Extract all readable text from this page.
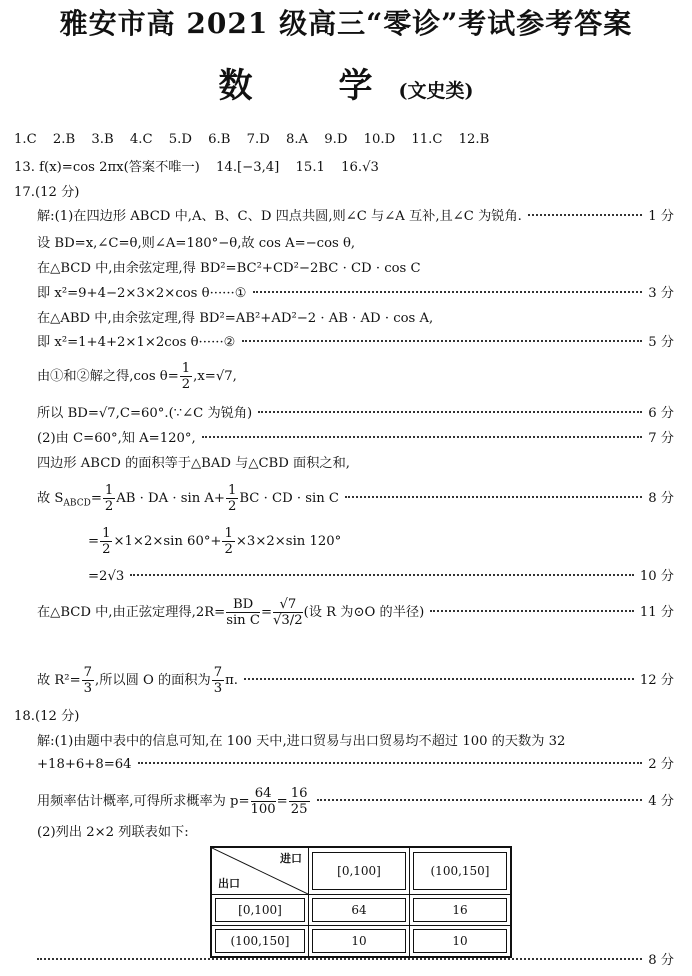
雅安市高 2021 级高三“零诊”考试参考答案
数　学(文史类)
1.C 2.B 3.B 4.C 5.D 6.B 7.D 8.A 9.D 10.D 11.C 12.B
13. f(x)=cos 2πx(答案不唯一) 14.[−3,4] 15.1 16.√3
17.(12 分)
解:(1)在四边形 ABCD 中,A、B、C、D 四点共圆,则∠C 与∠A 互补,且∠C 为锐角.	1 分
设 BD=x,∠C=θ,则∠A=180°−θ,故 cos A=−cos θ,
在△BCD 中,由余弦定理,得 BD²=BC²+CD²−2BC · CD · cos C
即 x²=9+4−2×3×2×cos θ······①	3 分
在△ABD 中,由余弦定理,得 BD²=AB²+AD²−2 · AB · AD · cos A,
即 x²=1+4+2×1×2cos θ······②	5 分
由①和②解之得,cos $\theta= \frac{1}{2} ,x=√7$,
所以 BD=√7,C=60°.(∵∠C 为锐角)	6 分
(2)由 C=60°,知 A=120°,	7 分
四边形 ABCD 的面积等于△BAD 与△CBD 面积之和,
故 $S_{ABCD}= \frac{1}{2}$ AB · DA · $\sin A+ \frac{1}{2}$ BC · CD · sin C	8 分
= $\frac{1}{2} \times 1\times 2\times\sin$ $60^\circ+ \frac{1}{2} \times 3\times 2\times\sin$ 120°
=2√3	10 分
在△BCD 中,由正弦定理得$,2R= \frac{BD}{\text{sin C}} = \frac{√7}{√3/2}$ (设 R 为⊙O 的半径)	11 分
故 $R^2= \frac{7}{3}$ ,所以圆 O 的面积为 $\frac{7}{3} \pi$.	12 分
18.(12 分)
解:(1)由题中表中的信息可知,在 100 天中,进口贸易与出口贸易均不超过 100 的天数为 32
+18+6+8=64	2 分
用频率估计概率,可得所求概率为 $p= \frac{64}{100} = \frac{16}{25}$	4 分
(2)列出 2×2 列联表如下:
进口
出口	[0,100]	(100,150]

[0,100]	64	16

(100,150]	10	10
8 分
